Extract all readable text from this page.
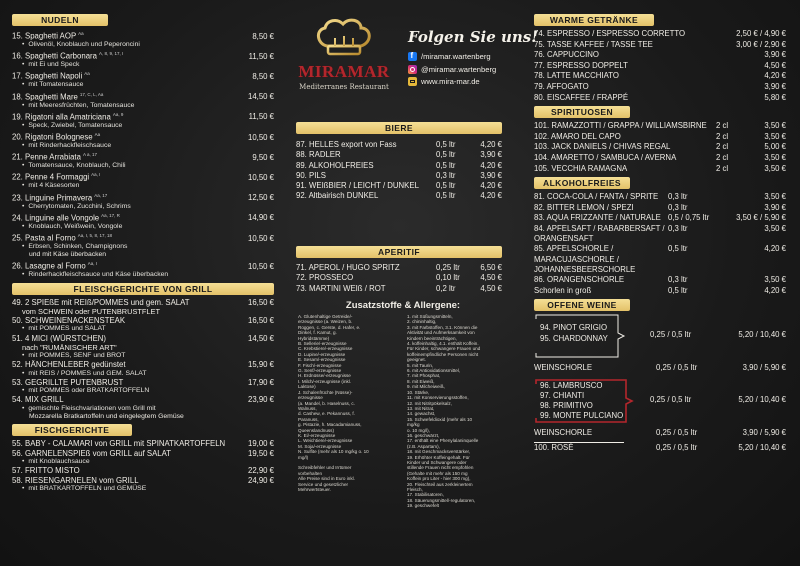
NUDELN
15. Spaghetti AOP $^{Aa}$	8,50 €
• Olivenöl, Knoblauch und Peperoncini
16. Spaghetti Carbonara $^{A, 8, 9, 17, I}$	11,50 €
• mit Ei und Speck
17. Spaghetti Napoli $^{Aa}$	8,50 €
• mit Tomatensauce
18. Spaghetti Mare $^{17, C, L, Aa}$	14,50 €
• mit Meeresfrüchten, Tomatensauce
19. Rigatoni alla Amatriciana $^{Aa, 9}$	11,50 €
• Speck, Zwiebel, Tomatensauce
20. Rigatoni Bolognese $^{Aa}$	10,50 €
• mit Rinderhackfleischsauce
21. Penne Arrabiata $^{A a, 17}$	9,50 €
• Tomatensauce, Knoblauch, Chili
22. Penne 4 Formaggi $^{Aa, I}$	10,50 €
• mit 4 Käsesorten
23. Linguine Primavera $^{Aa, 17}$	12,50 €
• Cherrytomaten, Zucchini, Schrims
24. Linguine alle Vongole $^{Aa, 17, R}$	14,90 €
• Knoblauch, Weißwein, Vongole
25. Pasta al Forno $^{Aa, I, 5, 8, 17, 18}$	10,50 €
• Erbsen, Schinken, Champignons
und mit Käse überbacken
26. Lasagne al Forno $^{Aa, I}$	10,50 €
• Rinderhackfleischsauce und Käse überbacken
FLEISCHGERICHTE VON GRILL
49. 2 SPIEßE mit REIß/POMMES und gem. SALAT	16,50 €
vom SCHWEIN oder PUTENBRUSTFLET
50. SCHWEINENACKENSTEAK	16,50 €
• mit POMMES und SALAT
51. 4 MICI (WÜRSTCHEN)	14,50 €
nach "RUMÄNISCHER ART"
• mit POMMES, SENF und BROT
52. HÄNCHENLEBER gedünstet	15,90 €
• mit REIS / POMMES und GEM. SALAT
53. GEGRILLTE PUTENBRUST	17,90 €
• mit POMMES oder BRATKARTOFFELN
54. MIX GRILL	23,90 €
• gemischte Fleischvariationen vom Grill mit
Mozzarella Bratkartoffeln und eingelegtem Gemüse
FISCHGERICHTE
55. BABY - CALAMARI von GRILL mit SPINATKARTOFFELN	19,00 €
56. GARNELENSPIEß vom GRILL auf SALAT	19,50 €
• mit Knoblauchsauce
57. FRITTO MISTO	22,90 €
58. RIESENGARNELEN vom GRILL	24,90 €
• mit BRATKARTOFFELN und GEMÜSE
MIRAMAR
Mediterranes Restaurant
Folgen Sie uns!
f
/miramar.wartenberg
@miramar.wartenberg
www.mira-mar.de
BIERE
87. HELLES export von Fass	0,5 ltr	4,20 €
88. RADLER	0,5 ltr	3,90 €
89. ALKOHOLFREIES	0,5 ltr	4,20 €
90. PILS	0,3 ltr	3,90 €
91. WEIßBIER / LEICHT / DUNKEL	0,5 ltr	4,20 €
92. Altbairisch DUNKEL	0,5 ltr	4,20 €
APERITIF
71. APEROL / HUGO SPRITZ	0,25 ltr	6,50 €
72. PROSSECO	0,10 ltr	4,50 €
73. MARTINI WEIß / ROT	0,2 ltr	4,50 €
Zusatzstoffe & Allergene:
A. Glutenhaltige Getreide/-
erzeugnisse (a. Weizen, b.
Roggen, c. Gerste, d. Hafer, e.
Dinkel, f. Kamut, g.
Hybridstämme)
B. Sellerie/-erzeugnisse
C. Krebstiere/-erzeugnisse
D. Lupine/-erzeugnisse
E. Sesam/-erzeugnisse
F. Fisch/-erzeugnisse
G. Senf/-erzeugnisse
H. Erdnüsse/-erzeugnisse
I. Milch/-erzeugnisse (inkl.
Laktose)
J. Schalenfrüchte (Nüsse)-
erzeugnisse
(a. Mandel, b. Haselnuss, c.
Walnuss,
d. Cashew, e. Pekannuss, f.
Paranuss,
g. Pistazie, h. Macadamianuss,
Queenslandnuss)
K. Ei/-erzeugnisse
L. Weichtiere/-erzeugnisse
M. Soja/-erzeugnisse
N. Sulfite (mehr als 10 mg/kg o. 10
mg/l)

Schreibfehler und Irrtümer
vorbehalten
Alle Preise sind in Euro inkl.
Service und gesetzlicher
Mehrwertsteuer.
1. mit Süßungsmitteln,
2. chininhaltig,
3. mit Farbstoffen, 3.1. Können die
Aktivität und Aufmerksamkeit von
Kindern beeinträchtigen,
4. koffeinhaltig, 4.1. enthält Koffein.
Für Kinder, schwangere Frauen und
koffeinempfindliche Personen nicht
geeignet.
5. mit Taurin,
6. mit Antioxidationsmittel,
7. mit Phosphat,
8. mit Eiweiß,
9. mit Milcheiweiß,
10. Stärke,
11. mit Konservierungsstoffen,
12. mit Nitritpökelsalz,
13. mit Nitrat,
14. gewachst,
15. Schwefeldioxid (mehr als 10
mg/kg
o. 10 mg/l),
16. geschwärzt,
17. enthält eine Phenylalaninquelle
(z.B. Aspartam),
18. mit Geschmacksverstärker,
19. Erhöhter Koffeingehalt. Für
Kinder und Schwangere oder
stillende Frauen nicht empfohlen
(Gehalte mit mehr als 150 mg
Koffein pro Liter - hier 300 mg),
20. Fleischteil aus zerkleinertem
Fleisch,
17. Stabilisatoren,
18. Säuerungsmittel/-regulatoren,
19. geschwefelt
WARME GETRÄNKE
74. ESPRESSO / ESPRESSO CORRETTO	2,50 € / 4,90 €
75. TASSE KAFFEE / TASSE TEE	3,00 € / 2,90 €
76. CAPPUCCINO	3,90 €
77. ESPRESSO DOPPELT	4,50 €
78. LATTE MACCHIATO	4,20 €
79. AFFOGATO	3,90 €
80. EISCAFFEE / FRAPPÉ	5,80 €
SPIRITUOSEN
101. RAMAZZOTTI / GRAPPA / WILLIAMSBIRNE	2 cl	3,50 €
102. AMARO DEL CAPO	2 cl	3,50 €
103. JACK DANIELS / CHIVAS REGAL	2 cl	5,00 €
104. AMARETTO / SAMBUCA / AVERNA	2 cl	3,50 €
105. VECCHIA RAMAGNA	2 cl	3,50 €
ALKOHOLFREIES
81. COCA-COLA / FANTA / SPRITE	0,3 ltr	3,50 €
82. BITTER LEMON / SPEZI	0,3 ltr	3,90 €
83. AQUA FRIZZANTE / NATURALE 0,5 / 0,75 ltr	3,50 € / 5,90 €
84. APFELSAFT / RABARBERSAFT / ORANGENSAFT
0,3 ltr	3,50 €
85. APFELSCHORLE / MARACUJASCHORLE / JOHANNESBEERSCHORLE
0,5 ltr	4,20 €
86. ORANGENSCHORLE	0,3 ltr	3,50 €
Schorlen in groß	0,5 ltr	4,20 €
OFFENE WEINE
94. PINOT GRIGIO
95. CHARDONNAY	0,25 / 0,5 ltr	5,20 / 10,40 €
WEINSCHORLE	0,25 / 0,5 ltr	3,90 / 5,90 €
96. LAMBRUSCO
97. CHIANTI
98. PRIMITIVO
99. MONTE PULCIANO
0,25 / 0,5 ltr	5,20 / 10,40 €
WEINSCHORLE	0,25 / 0,5 ltr	3,90 / 5,90 €
100. ROSÉ	0,25 / 0,5 ltr	5,20 / 10,40 €
